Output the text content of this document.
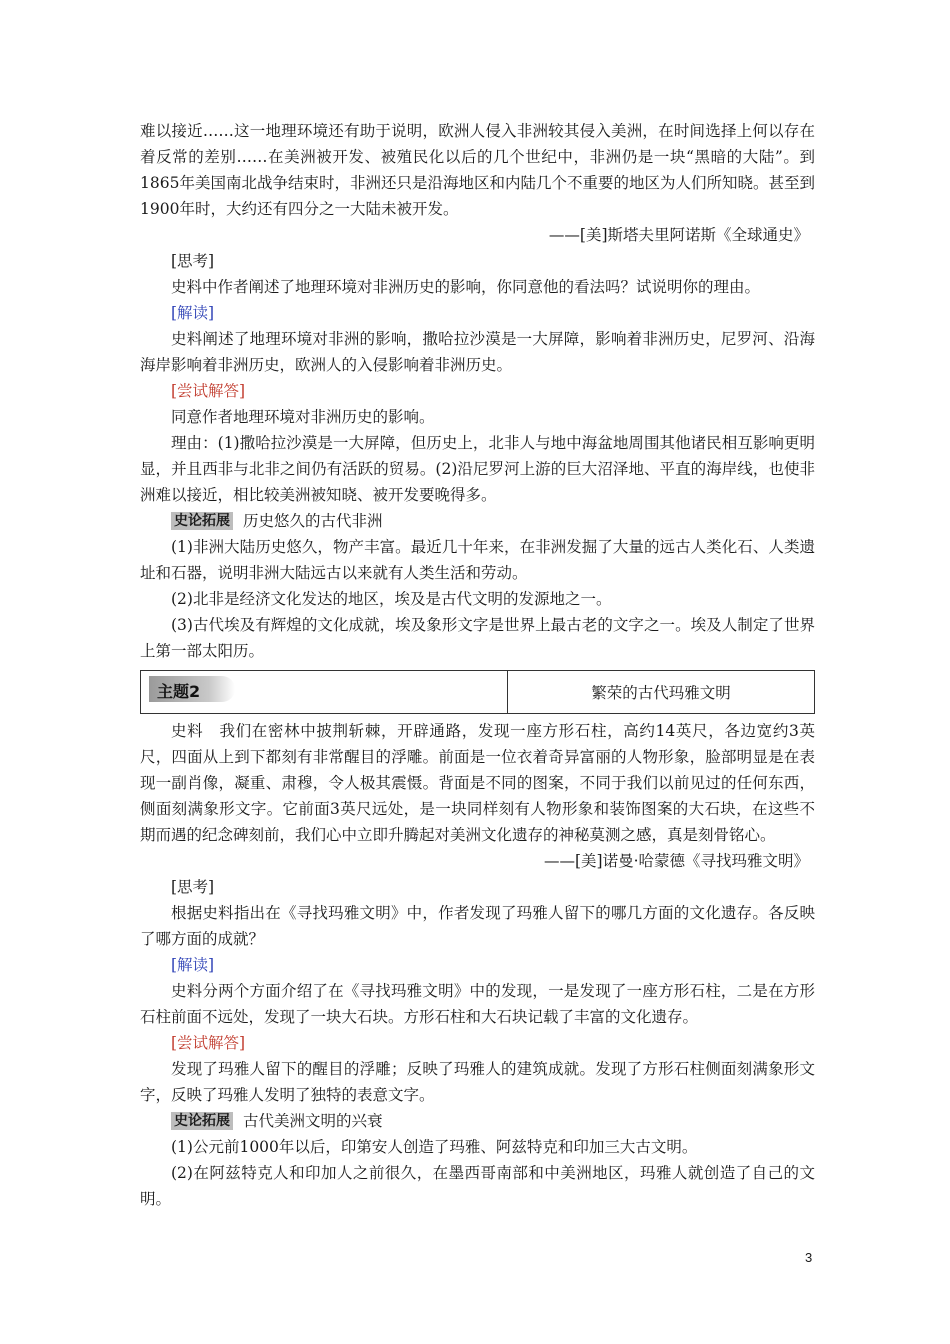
难以接近……这一地理环境还有助于说明，欧洲人侵入非洲较其侵入美洲，在时间选择上何以存在着反常的差别……在美洲被开发、被殖民化以后的几个世纪中，非洲仍是一块“黑暗的大陆”。到1865年美国南北战争结束时，非洲还只是沿海地区和内陆几个不重要的地区为人们所知晓。甚至到1900年时，大约还有四分之一大陆未被开发。

——[美]斯塔夫里阿诺斯《全球通史》

[思考]

史料中作者阐述了地理环境对非洲历史的影响，你同意他的看法吗？试说明你的理由。

[解读]

史料阐述了地理环境对非洲的影响，撒哈拉沙漠是一大屏障，影响着非洲历史，尼罗河、沿海海岸影响着非洲历史，欧洲人的入侵影响着非洲历史。

[尝试解答]

同意作者地理环境对非洲历史的影响。

理由：(1)撒哈拉沙漠是一大屏障，但历史上，北非人与地中海盆地周围其他诸民相互影响更明显，并且西非与北非之间仍有活跃的贸易。(2)沿尼罗河上游的巨大沼泽地、平直的海岸线，也使非洲难以接近，相比较美洲被知晓、被开发要晚得多。

史论拓展 历史悠久的古代非洲

(1)非洲大陆历史悠久，物产丰富。最近几十年来，在非洲发掘了大量的远古人类化石、人类遗址和石器，说明非洲大陆远古以来就有人类生活和劳动。

(2)北非是经济文化发达的地区，埃及是古代文明的发源地之一。

(3)古代埃及有辉煌的文化成就，埃及象形文字是世界上最古老的文字之一。埃及人制定了世界上第一部太阳历。

主题2	繁荣的古代玛雅文明

史料　我们在密林中披荆斩棘，开辟通路，发现一座方形石柱，高约14英尺，各边宽约3英尺，四面从上到下都刻有非常醒目的浮雕。前面是一位衣着奇异富丽的人物形象，脸部明显是在表现一副肖像，凝重、肃穆，令人极其震慑。背面是不同的图案，不同于我们以前见过的任何东西，侧面刻满象形文字。它前面3英尺远处，是一块同样刻有人物形象和装饰图案的大石块，在这些不期而遇的纪念碑刻前，我们心中立即升腾起对美洲文化遗存的神秘莫测之感，真是刻骨铭心。

——[美]诺曼·哈蒙德《寻找玛雅文明》

[思考]

根据史料指出在《寻找玛雅文明》中，作者发现了玛雅人留下的哪几方面的文化遗存。各反映了哪方面的成就？

[解读]

史料分两个方面介绍了在《寻找玛雅文明》中的发现，一是发现了一座方形石柱，二是在方形石柱前面不远处，发现了一块大石块。方形石柱和大石块记载了丰富的文化遗存。

[尝试解答]

发现了玛雅人留下的醒目的浮雕；反映了玛雅人的建筑成就。发现了方形石柱侧面刻满象形文字，反映了玛雅人发明了独特的表意文字。

史论拓展 古代美洲文明的兴衰

(1)公元前1000年以后，印第安人创造了玛雅、阿兹特克和印加三大古文明。

(2)在阿兹特克人和印加人之前很久，在墨西哥南部和中美洲地区，玛雅人就创造了自己的文明。

3
